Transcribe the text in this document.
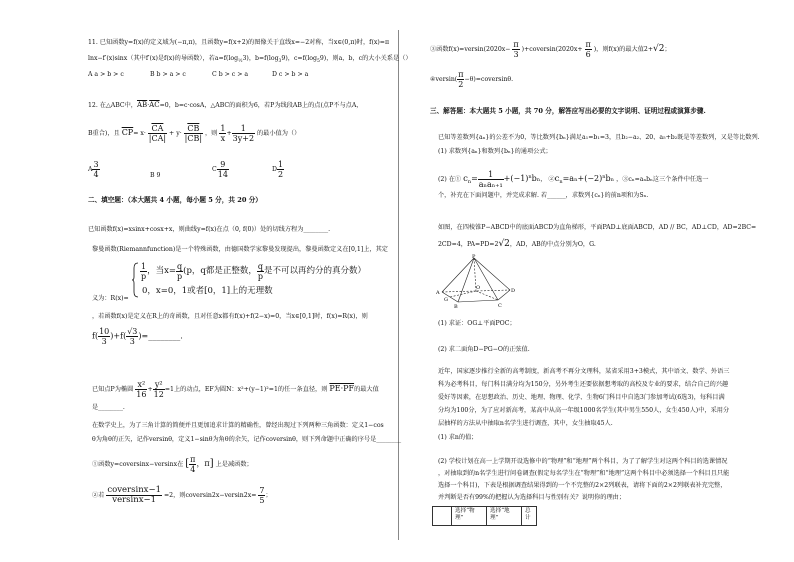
11. 已知函数y=f(x)的定义域为(−π,π)，且函数y=f(x+2)的图像关于直线x=−2对称，当x∈(0,π)时，f(x)=π
lnx−f′(x)sinx（其中f′(x)是f(x)的导函数），若$a=f(\log_{\frac{1}{2}}3)$，$b=f(\log_39)$，$c=f(\log_59)$，则a，b，c的大小关系是（）
A a > b > c	B b > a > c	C b > c > a	D c > b > a
12. 在△ABC中，$\overline{AB}\cdot\overline{AC}=0$，b=c·cosA，△ABC的面积为6，若P为线段AB上的点(点P不与点A，
B重合)，且 $\overline{CP}= x\cdot \frac{\overline{CA}}{|CA|} + y\cdot \frac{\overline{CB}}{|CB|}$ ，则 $\frac{1}{x} + \frac{1}{3y+2}$ 的最小值为（）
A $\frac{3}{4}$	B 9
C $\frac{9}{14}$	D $\frac{1}{2}$
二、填空题：（本大题共 4 小题，每小题 5 分，共 20 分）
已知函数f(x)=xsinx+cosx+x，则曲线y=f(x)在点（0, f(0)）处的切线方程为________.
黎曼函数(Riemannfunction)是一个特殊函数，由德国数学家黎曼发现提出，黎曼函数定义在[0,1]上，其定
$\frac{1}{p}$ ，当$x= \frac{q}{p} (p$，q都是正整数， $\frac{q}{p}$ 是不可以再约分的真分数）
0，x=0，1或者[0，1]上的无理数
义为：R(x)=
，若函数f(x)是定义在R上的奇函数，且对任意x都有f(x)+f(2−x)=0，当x∈[0,1]时，f(x)=R(x)，则
$f( \frac{10}{3} )+f( \frac{√3}{3}$ )=________.
已知点P为椭圆 $\frac{\text{x²}}{16} + \frac{\text{y²}}{12} =1$上的动点，EF为圆N：x²+(y−1)²=1的任一条直径，则 PE·PF的最大值
是________.
在数学史上，为了三角计算的简便并且更加追求计算的精确性，曾经出现过下列两种三角函数：定义1−cos
θ为角θ的正矢，记作versinθ，定义1−sinθ为角θ的余矢，记作coversinθ，则下列命题中正确的序号是________
①函数y=coversinx−versinx在 [ $\frac{\pi}{4}$ ，π] 上是减函数；
②若 $\frac{\text{coversinx−1}}{\text{versinx−1}} =2$，则coversin2x−versin2x= $\frac{7}{5}$ ；
③函数$f(x)=versin(2020x- \frac{\pi}{3}$ )+coversin(2020x+ $\frac{\pi}{6}$ )，则f(x)的最大值2+√2；
④versin( $\frac{\pi}{2}$ −θ)=coversinθ.
三、解答题：本大题共 5 小题，共 70 分，解答应写出必要的文字说明、证明过程或演算步骤.
已知等差数列{aₙ}的公差不为0，等比数列{bₙ}满足a₁=b₁=3，且b₂−a₂、20、a₅+b₂既是等差数列，又是等比数列.
(1) 求数列{aₙ}和数列{bₙ}的通项公式；
(2) 在① $c_n= \frac{1}{\text{aₙaₙ₊₁}} +(-1)^nb_n$， $②c_n=a_n+(-2)^nb_n$ ，③cₙ=aₙbₙ这三个条件中任选一
个，补充在下面问题中，并完成求解. 若______，求数列{cₙ}的前n项和为Sₙ.
如图，在四棱锥P−ABCD中的底面ABCD为直角梯形，平面PAD⊥底面ABCD，AD // BC，AD⊥CD，AD=2BC=
2CD=4，PA=PD=2√2，AD，AB的中点分别为O，G.
P
A
B	C
D
O
G
(1) 求证：OG⊥平面POC；
(2) 求二面角D−PG−O的正弦值.
近年，国家逐步推行全新的高考制度，新高考不再分文理科，某省采用3+3模式，其中语文、数学、外语三
科为必考科目，每门科目满分均为150分，另外考生还要依据想考取的高校及专业的要求，结合自己的兴趣
爱好等因素，在思想政治、历史、地理、物理、化学、生物6门科目中自选3门参加考试(6选3)，每科目满
分均为100分，为了应对新高考，某高中从高一年级1000名学生(其中男生550人，女生450人)中，采用分
层抽样的方法从中抽取n名学生进行调查，其中，女生抽取45人.
(1) 求n的值；
(2) 学校计划在高一上学期开设选修中的“物理”和“地理”两个科目，为了了解学生对这两个科目的选课情况
，对抽取到的n名学生进行问卷调查(假定每名学生在“物理”和“地理”这两个科目中必须选择一个科目且只能
选择一个科目)，下表是根据调查结果得到的一个不完整的2×2列联表，请将下面的2×2列联表补充完整，
并判断是否有99%的把握认为选择科目与性别有关？说明你的理由；
	选择“物理”	选择“地理”	总计
